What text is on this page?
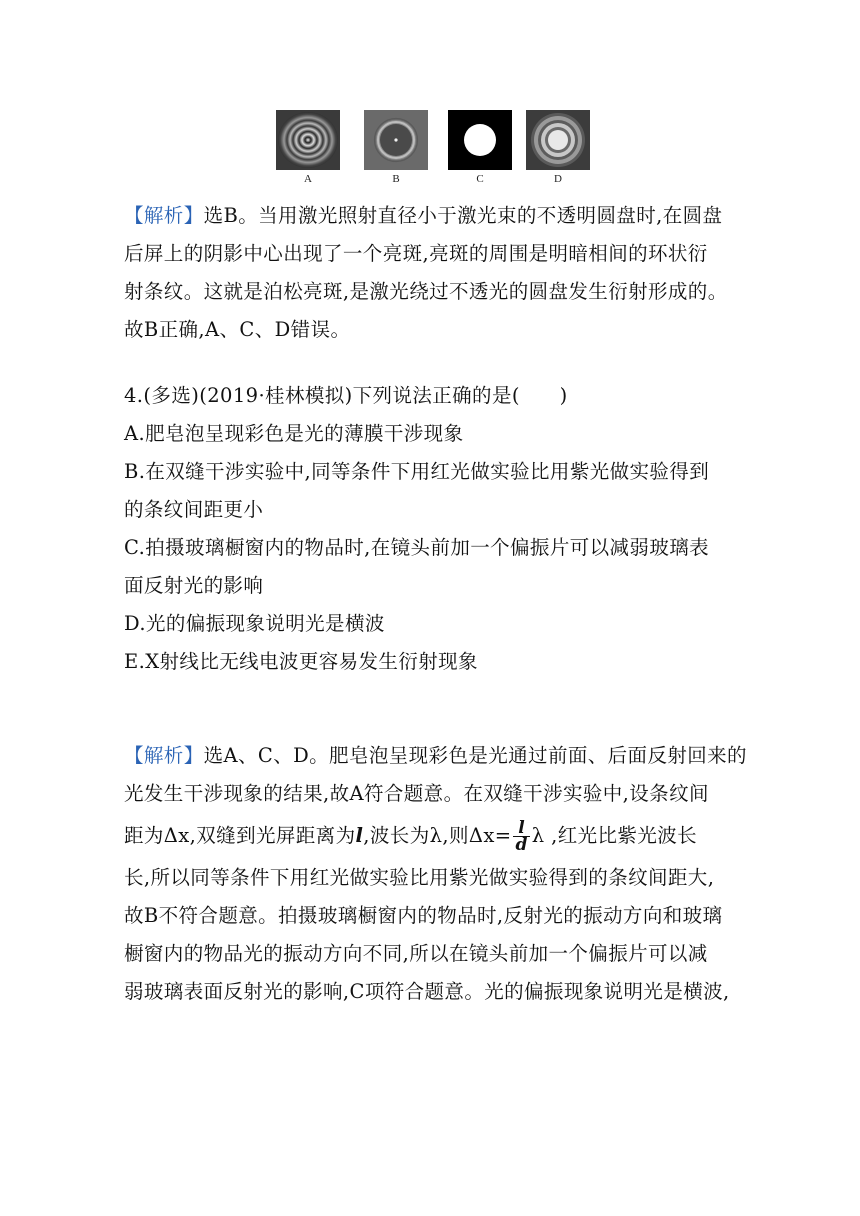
A	B	C	D
【解析】选B。当用激光照射直径小于激光束的不透明圆盘时,在圆盘
后屏上的阴影中心出现了一个亮斑,亮斑的周围是明暗相间的环状衍
射条纹。这就是泊松亮斑,是激光绕过不透光的圆盘发生衍射形成的。
故B正确,A、C、D错误。
4.(多选)(2019·桂林模拟)下列说法正确的是(　　)
A.肥皂泡呈现彩色是光的薄膜干涉现象
B.在双缝干涉实验中,同等条件下用红光做实验比用紫光做实验得到
的条纹间距更小
C.拍摄玻璃橱窗内的物品时,在镜头前加一个偏振片可以减弱玻璃表
面反射光的影响
D.光的偏振现象说明光是横波
E.X射线比无线电波更容易发生衍射现象
【解析】选A、C、D。肥皂泡呈现彩色是光通过前面、后面反射回来的
光发生干涉现象的结果,故A符合题意。在双缝干涉实验中,设条纹间
距为Δx,双缝到光屏距离为l,波长为λ,则$\Delta x= \frac{l}{d}$ λ ,红光比紫光波长
长,所以同等条件下用红光做实验比用紫光做实验得到的条纹间距大,
故B不符合题意。拍摄玻璃橱窗内的物品时,反射光的振动方向和玻璃
橱窗内的物品光的振动方向不同,所以在镜头前加一个偏振片可以减
弱玻璃表面反射光的影响,C项符合题意。光的偏振现象说明光是横波,
